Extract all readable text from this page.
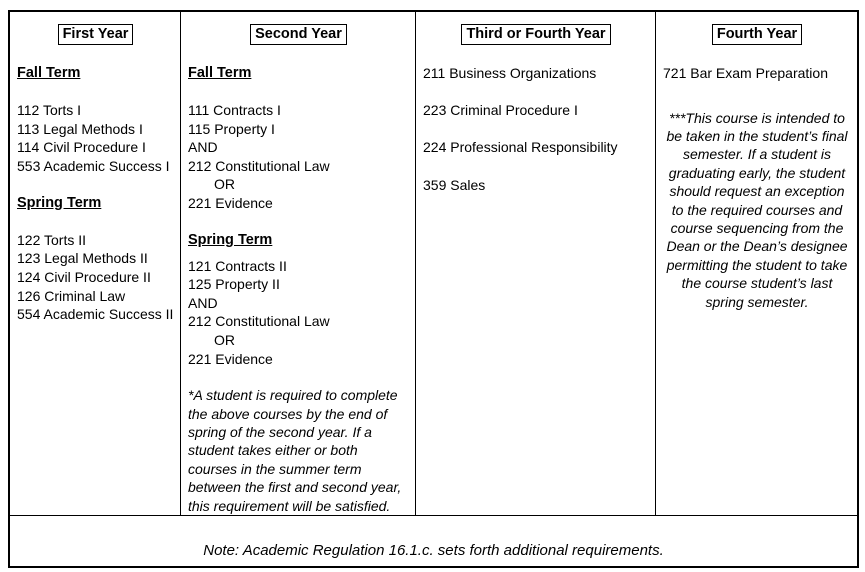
First Year
Fall Term
112 Torts I
113 Legal Methods I
114 Civil Procedure I
553 Academic Success I
Spring Term
122 Torts II
123 Legal Methods II
124 Civil Procedure II
126 Criminal Law
554 Academic Success II
Second Year
Fall Term
111 Contracts I
115 Property I
AND
212 Constitutional Law
OR
221 Evidence
Spring Term
121 Contracts II
125 Property II
AND
212 Constitutional Law
OR
221 Evidence
*A student is required to complete the above courses by the end of spring of the second year. If a student takes either or both courses in the summer term between the first and second year, this requirement will be satisfied.
Third or Fourth Year
211 Business Organizations
223 Criminal Procedure I
224 Professional Responsibility
359 Sales
Fourth Year
721 Bar Exam Preparation
***This course is intended to be taken in the student’s final semester. If a student is graduating early, the student should request an exception to the required courses and course sequencing from the Dean or the Dean’s designee permitting the student to take the course student’s last spring semester.
Note: Academic Regulation 16.1.c. sets forth additional requirements.
